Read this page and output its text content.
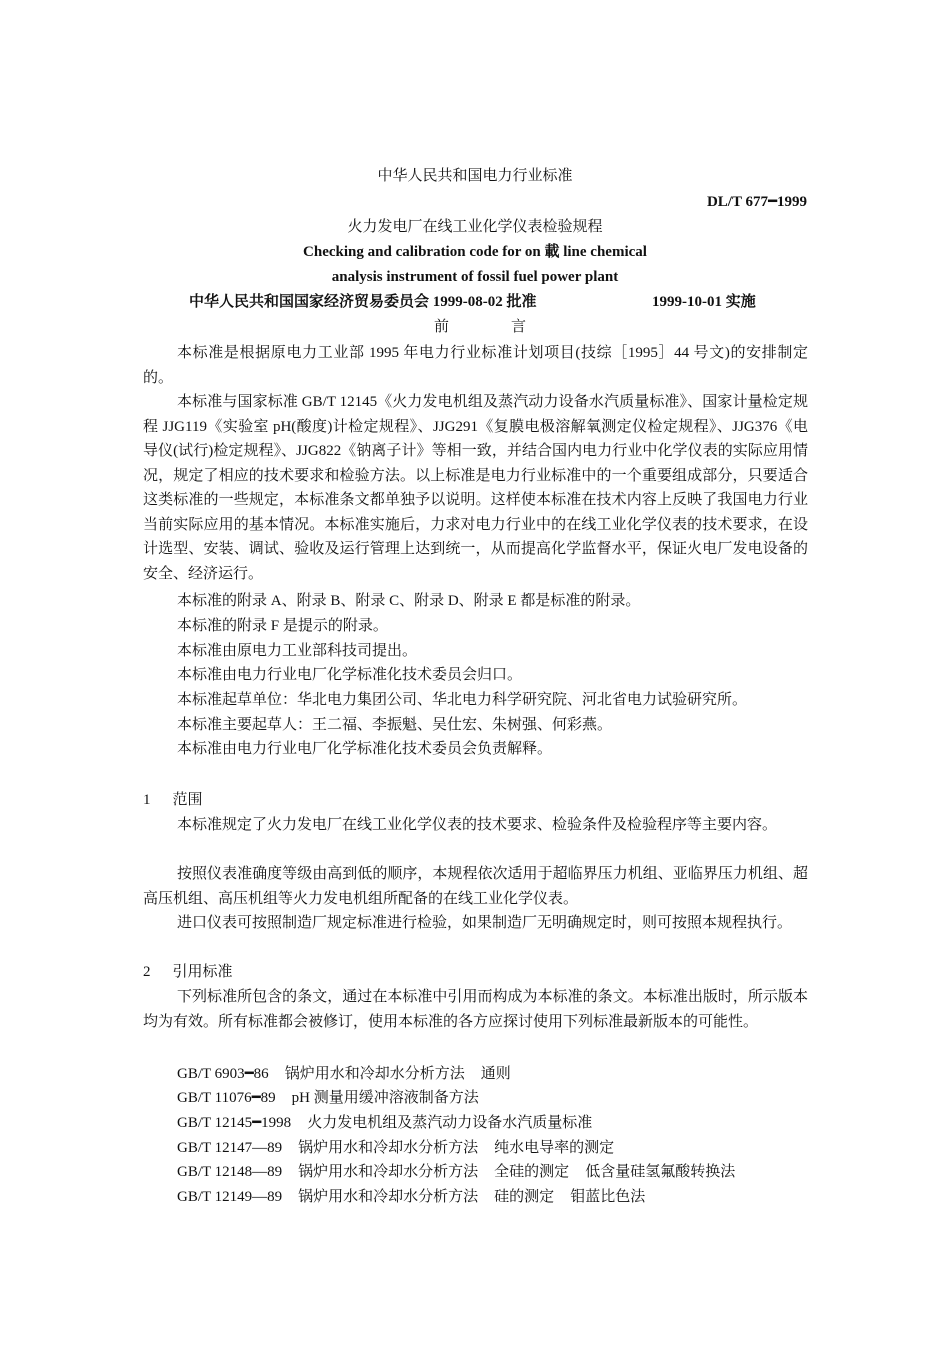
中华人民共和国电力行业标准
DL/T 677━1999
火力发电厂在线工业化学仪表检验规程
Checking and calibration code for on 載 line chemical
analysis instrument of fossil fuel power plant
中华人民共和国国家经济贸易委员会 1999-08-02 批准	1999-10-01 实施
前	言
本标准是根据原电力工业部 1995 年电力行业标准计划项目(技综［1995］44 号文)的安排制定的。
本标准与国家标准 GB/T 12145《火力发电机组及蒸汽动力设备水汽质量标准》、国家计量检定规程 JJG119《实验室 pH(酸度)计检定规程》、JJG291《复膜电极溶解氧测定仪检定规程》、JJG376《电导仪(试行)检定规程》、JJG822《钠离子计》等相一致，并结合国内电力行业中化学仪表的实际应用情况，规定了相应的技术要求和检验方法。以上标准是电力行业标准中的一个重要组成部分，只要适合这类标准的一些规定，本标准条文都单独予以说明。这样使本标准在技术内容上反映了我国电力行业当前实际应用的基本情况。本标准实施后，力求对电力行业中的在线工业化学仪表的技术要求，在设计选型、安装、调试、验收及运行管理上达到统一，从而提高化学监督水平，保证火电厂发电设备的安全、经济运行。
本标准的附录 A、附录 B、附录 C、附录 D、附录 E 都是标准的附录。
本标准的附录 F 是提示的附录。
本标准由原电力工业部科技司提出。
本标准由电力行业电厂化学标准化技术委员会归口。
本标准起草单位：华北电力集团公司、华北电力科学研究院、河北省电力试验研究所。
本标准主要起草人：王二福、李振魁、吴仕宏、朱树强、何彩燕。
本标准由电力行业电厂化学标准化技术委员会负责解释。
1 范围
本标准规定了火力发电厂在线工业化学仪表的技术要求、检验条件及检验程序等主要内容。
按照仪表准确度等级由高到低的顺序，本规程依次适用于超临界压力机组、亚临界压力机组、超高压机组、高压机组等火力发电机组所配备的在线工业化学仪表。
进口仪表可按照制造厂规定标准进行检验，如果制造厂无明确规定时，则可按照本规程执行。
2 引用标准
下列标准所包含的条文，通过在本标准中引用而构成为本标准的条文。本标准出版时，所示版本均为有效。所有标准都会被修订，使用本标准的各方应探讨使用下列标准最新版本的可能性。
GB/T 6903━86 锅炉用水和冷却水分析方法 通则
GB/T 11076━89 pH 测量用缓冲溶液制备方法
GB/T 12145━1998 火力发电机组及蒸汽动力设备水汽质量标准
GB/T 12147—89 锅炉用水和冷却水分析方法 纯水电导率的测定
GB/T 12148—89 锅炉用水和冷却水分析方法 全硅的测定 低含量硅氢氟酸转换法
GB/T 12149—89 锅炉用水和冷却水分析方法 硅的测定 钼蓝比色法
